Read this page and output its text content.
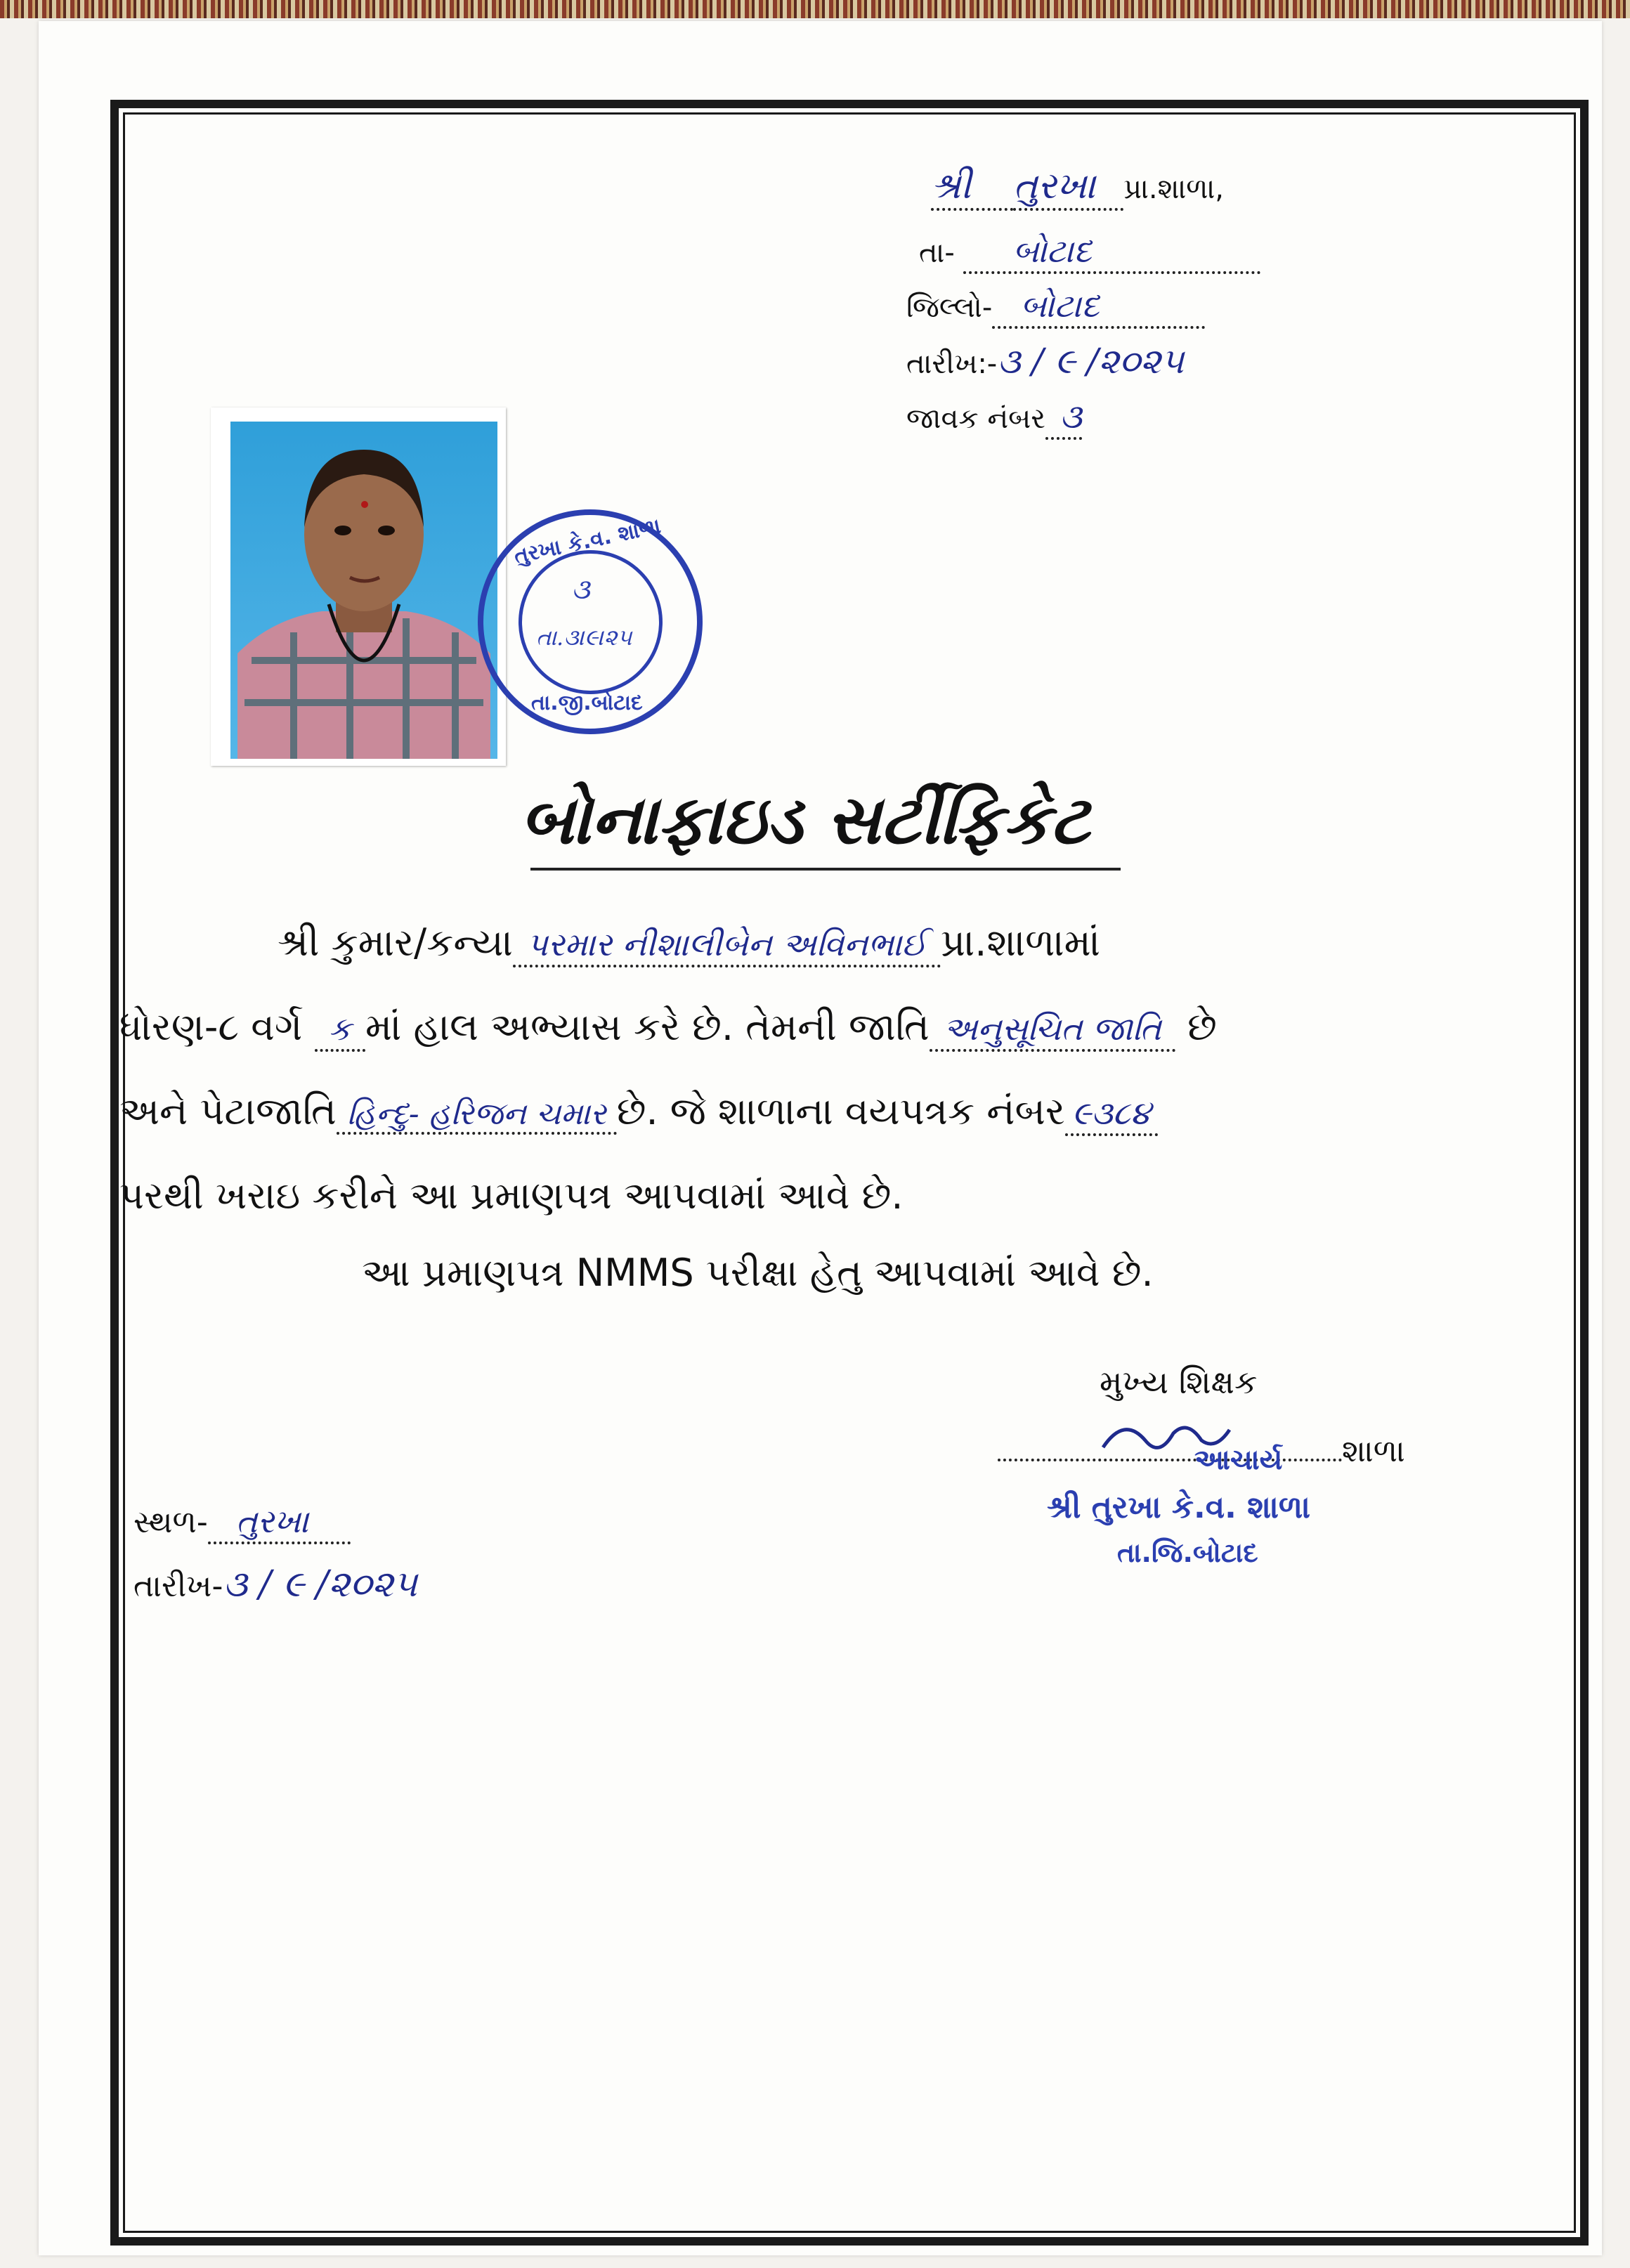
શ્રી તુરખા પ્રા.શાળા,
તા- બોટાદ
જિલ્લો- બોટાદ
તારીખ:-૩ / ૯ /૨૦૨૫
જાવક નંબર ૩
તુરખા કે.વ. શાળા
૩
તા.૩।૯।૨૫
તા.જી.બોટાદ
બોનાફાઇડ સર્ટીફિકેટ
શ્રી કુમાર/કન્યા પરમાર નીશાલીબેન અવિનભાઈ પ્રા.શાળામાં
ધોરણ-૮ વર્ગ ક માં હાલ અભ્યાસ કરે છે. તેમની જાતિ અનુસૂચિત જાતિ છે
અને પેટાજાતિ હિન્દુ- હરિજન ચમાર છે. જે શાળાના વયપત્રક નંબર ૯૩૮૪
પરથી ખરાઇ કરીને આ પ્રમાણપત્ર આપવામાં આવે છે.
આ પ્રમાણપત્ર NMMS પરીક્ષા હેતુ આપવામાં આવે છે.
મુખ્ય શિક્ષક
શાળા
આચાર્ય
શ્રી તુરખા કે.વ. શાળા
તા.જિ.બોટાદ
સ્થળ- તુરખા
તારીખ-૩ / ૯ /૨૦૨૫
